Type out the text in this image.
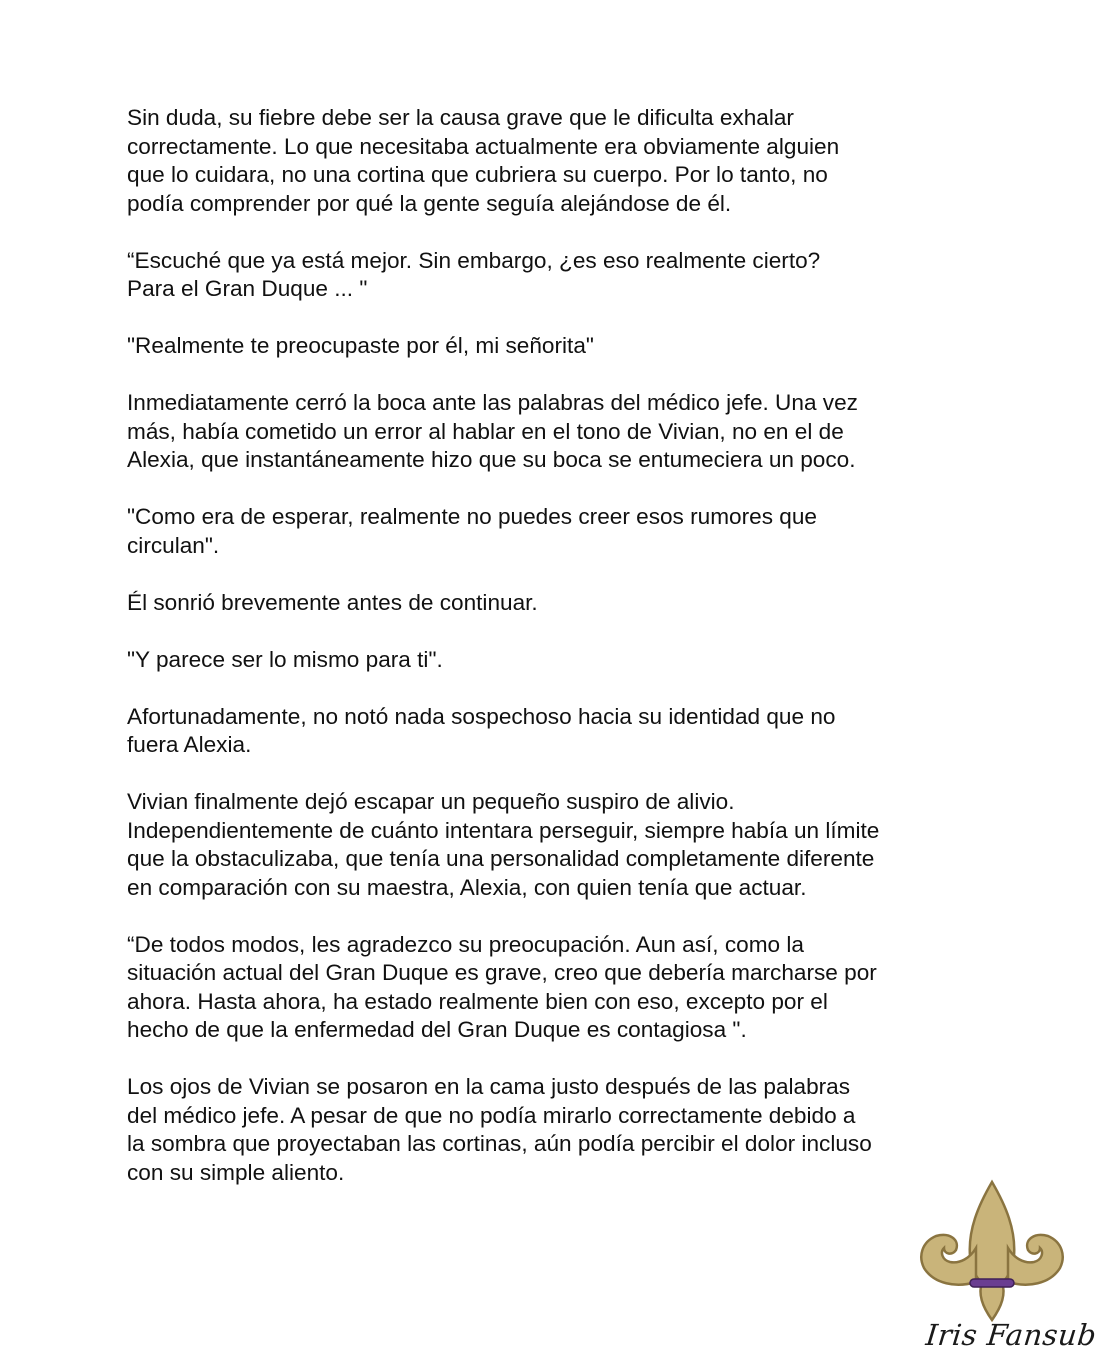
Sin duda, su fiebre debe ser la causa grave que le dificulta exhalar
correctamente. Lo que necesitaba actualmente era obviamente alguien
que lo cuidara, no una cortina que cubriera su cuerpo. Por lo tanto, no
podía comprender por qué la gente seguía alejándose de él.

“Escuché que ya está mejor. Sin embargo, ¿es eso realmente cierto?
Para el Gran Duque ... "

"Realmente te preocupaste por él, mi señorita"

Inmediatamente cerró la boca ante las palabras del médico jefe. Una vez
más, había cometido un error al hablar en el tono de Vivian, no en el de
Alexia, que instantáneamente hizo que su boca se entumeciera un poco.

"Como era de esperar, realmente no puedes creer esos rumores que
circulan".

Él sonrió brevemente antes de continuar.

"Y parece ser lo mismo para ti".

Afortunadamente, no notó nada sospechoso hacia su identidad que no
fuera Alexia.

Vivian finalmente dejó escapar un pequeño suspiro de alivio.
Independientemente de cuánto intentara perseguir, siempre había un límite
que la obstaculizaba, que tenía una personalidad completamente diferente
en comparación con su maestra, Alexia, con quien tenía que actuar.

“De todos modos, les agradezco su preocupación. Aun así, como la
situación actual del Gran Duque es grave, creo que debería marcharse por
ahora. Hasta ahora, ha estado realmente bien con eso, excepto por el
hecho de que la enfermedad del Gran Duque es contagiosa ".

Los ojos de Vivian se posaron en la cama justo después de las palabras
del médico jefe. A pesar de que no podía mirarlo correctamente debido a
la sombra que proyectaban las cortinas, aún podía percibir el dolor incluso
con su simple aliento.

Iris Fansub
